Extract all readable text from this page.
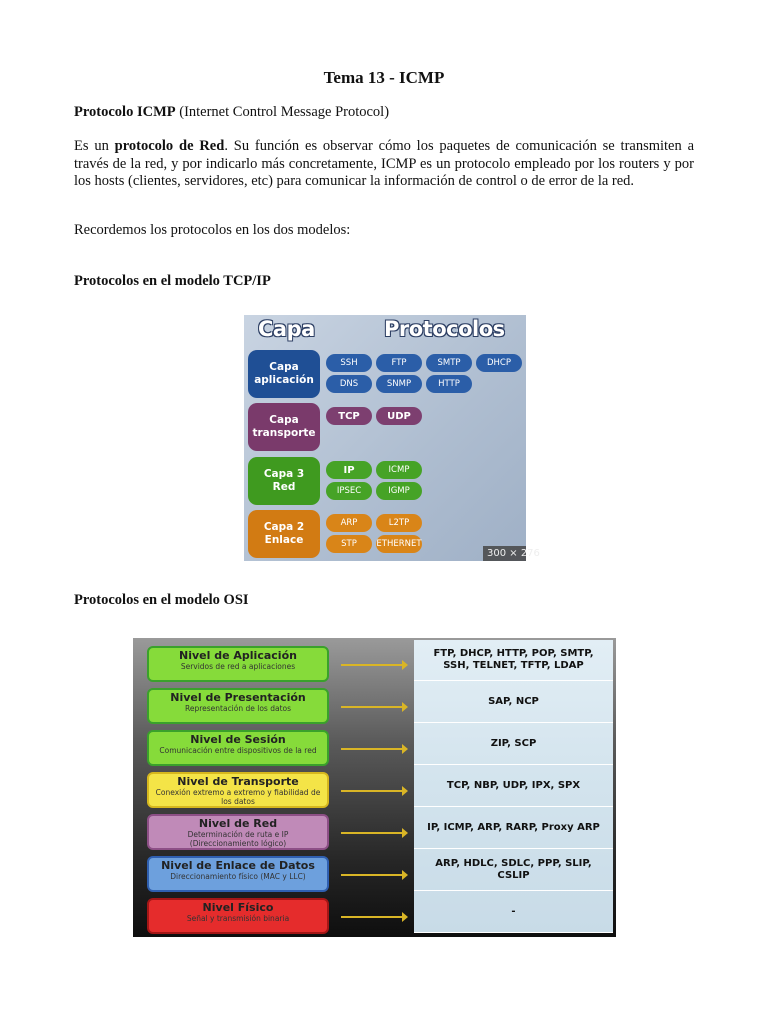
Tema 13 - ICMP
Protocolo ICMP (Internet Control Message Protocol)
Es un protocolo de Red. Su función es observar cómo los paquetes de comunicación se transmiten a través de la red, y por indicarlo más concretamente, ICMP es un protocolo empleado por los routers y por los hosts (clientes, servidores, etc) para comunicar la información de control o de error de la red.
Recordemos los protocolos en los dos modelos:
Protocolos en el modelo TCP/IP
Capa	Protocolos
Capa
aplicación
SSH	FTP	SMTP	DHCP
DNS	SNMP	HTTP
Capa
transporte
TCP	UDP
Capa 3
Red
IP	ICMP
IPSEC	IGMP
Capa 2
Enlace
ARP	L2TP
STP	ETHERNET
300 × 276
Protocolos en el modelo OSI
Nivel de Aplicación
Servidos de red a aplicaciones
FTP, DHCP, HTTP, POP, SMTP, SSH, TELNET, TFTP, LDAP
Nivel de Presentación
Representación de los datos
SAP, NCP
Nivel de Sesión
Comunicación entre dispositivos de la red
ZIP, SCP
Nivel de Transporte
Conexión extremo a extremo y fiabilidad de los datos
TCP, NBP, UDP, IPX, SPX
Nivel de Red
Determinación de ruta e IP (Direccionamiento lógico)
IP, ICMP, ARP, RARP, Proxy ARP
Nivel de Enlace de Datos
Direccionamiento físico (MAC y LLC)
ARP, HDLC, SDLC, PPP, SLIP, CSLIP
Nivel Físico
Señal y transmisión binaria
-
